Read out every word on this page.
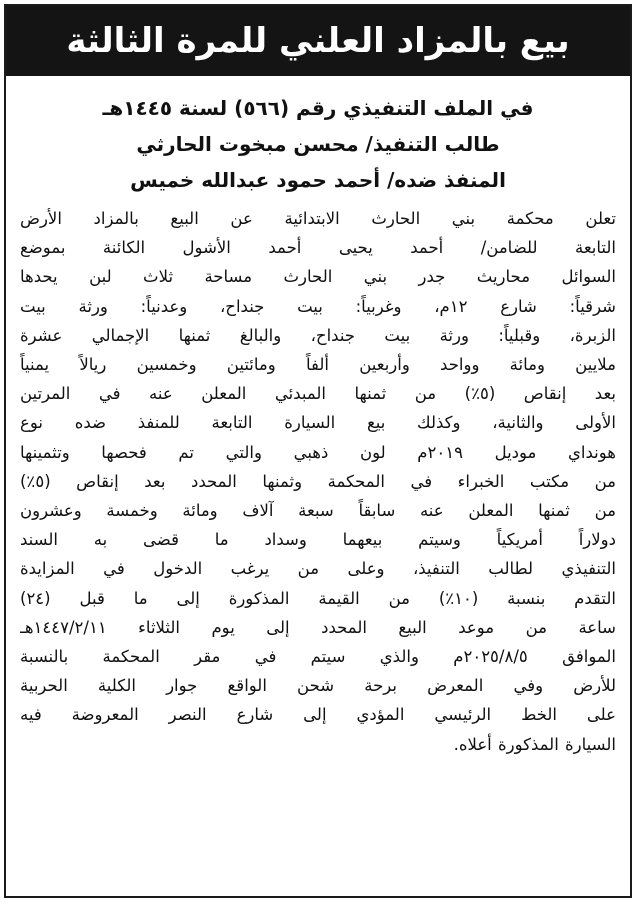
بيع بالمزاد العلني للمرة الثالثة
في الملف التنفيذي رقم (٥٦٦) لسنة ١٤٤٥هـ
طالب التنفيذ/ محسن مبخوت الحارثي
المنفذ ضده/ أحمد حمود عبدالله خميس
تعلن محكمة بني الحارث الابتدائية عن البيع بالمزاد الأرض
التابعة للضامن/ أحمد يحيى أحمد الأشول الكائنة بموضع
السوائل محاريث جدر بني الحارث مساحة ثلاث لبن يحدها
شرقياً: شارع ١٢م، وغربياً: بيت جنداح، وعدنياً: ورثة بيت
الزبرة، وقبلياً: ورثة بيت جنداح، والبالغ ثمنها الإجمالي عشرة
ملايين ومائة وواحد وأربعين ألفاً ومائتين وخمسين ريالاً يمنياً
بعد إنقاص (٥٪) من ثمنها المبدئي المعلن عنه في المرتين
الأولى والثانية، وكذلك بيع السيارة التابعة للمنفذ ضده نوع
هونداي موديل ٢٠١٩م لون ذهبي والتي تم فحصها وتثمينها
من مكتب الخبراء في المحكمة وثمنها المحدد بعد إنقاص (٥٪)
من ثمنها المعلن عنه سابقاً سبعة آلاف ومائة وخمسة وعشرون
دولاراً أمريكياً وسيتم بيعهما وسداد ما قضى به السند
التنفيذي لطالب التنفيذ، وعلى من يرغب الدخول في المزايدة
التقدم بنسبة (١٠٪) من القيمة المذكورة إلى ما قبل (٢٤)
ساعة من موعد البيع المحدد إلى يوم الثلاثاء ١٤٤٧/٢/١١هـ
الموافق ٢٠٢٥/٨/٥م والذي سيتم في مقر المحكمة بالنسبة
للأرض وفي المعرض برحة شحن الواقع جوار الكلية الحربية
على الخط الرئيسي المؤدي إلى شارع النصر المعروضة فيه
السيارة المذكورة أعلاه.
